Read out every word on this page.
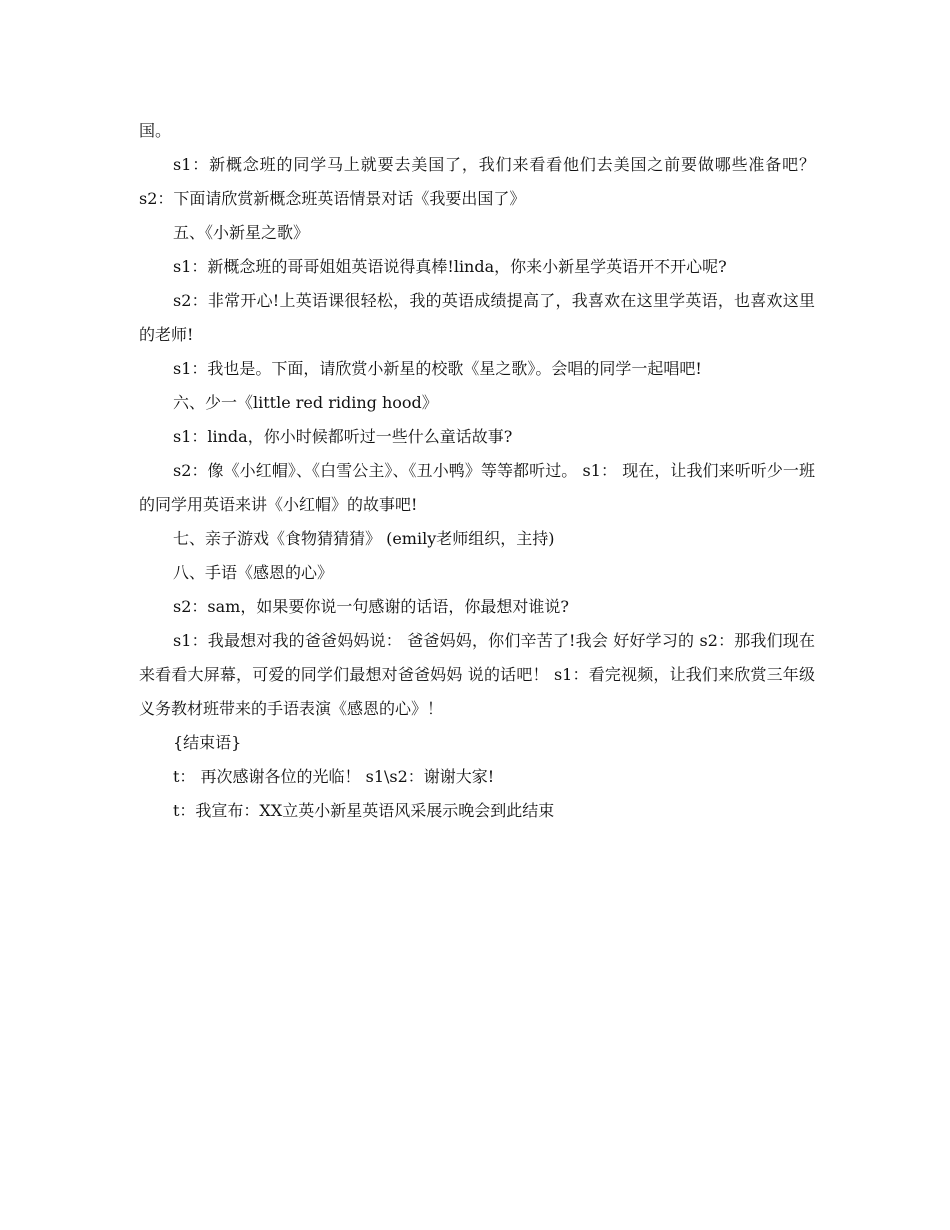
国。

s1：新概念班的同学马上就要去美国了，我们来看看他们去美国之前要做哪些准备吧？ s2：下面请欣赏新概念班英语情景对话《我要出国了》

五、《小新星之歌》

s1：新概念班的哥哥姐姐英语说得真棒!linda，你来小新星学英语开不开心呢?

s2：非常开心!上英语课很轻松，我的英语成绩提高了，我喜欢在这里学英语，也喜欢这里的老师!

s1：我也是。下面，请欣赏小新星的校歌《星之歌》。会唱的同学一起唱吧!

六、少一《little red riding hood》

s1：linda，你小时候都听过一些什么童话故事?

s2：像《小红帽》、《白雪公主》、《丑小鸭》等等都听过。 s1： 现在，让我们来听听少一班的同学用英语来讲《小红帽》的故事吧!

七、亲子游戏《食物猜猜猜》 (emily老师组织，主持)

八、手语《感恩的心》

s2：sam，如果要你说一句感谢的话语，你最想对谁说?

s1：我最想对我的爸爸妈妈说： 爸爸妈妈，你们辛苦了!我会 好好学习的 s2：那我们现在来看看大屏幕，可爱的同学们最想对爸爸妈妈 说的话吧！ s1：看完视频，让我们来欣赏三年级义务教材班带来的手语表演《感恩的心》！

{结束语}

t： 再次感谢各位的光临！ s1\s2：谢谢大家!

t：我宣布：XX立英小新星英语风采展示晚会到此结束
